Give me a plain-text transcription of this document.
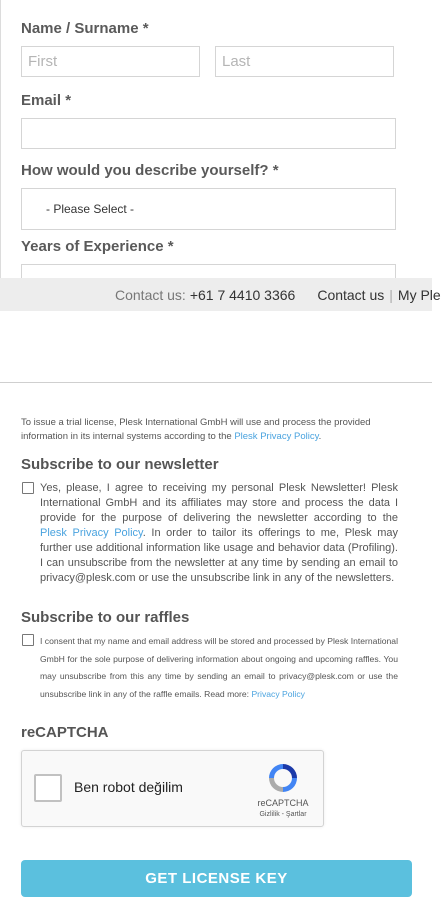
Name / Surname *
First	Last
Email *
How would you describe yourself? *
- Please Select -
Years of Experience *
Contact us: +61 7 4410 3366 Contact us | My Ple
To issue a trial license, Plesk International GmbH will use and process the provided information in its internal systems according to the Plesk Privacy Policy.
Subscribe to our newsletter
Yes, please, I agree to receiving my personal Plesk Newsletter! Plesk International GmbH and its affiliates may store and process the data I provide for the purpose of delivering the newsletter according to the Plesk Privacy Policy. In order to tailor its offerings to me, Plesk may further use additional information like usage and behavior data (Profiling). I can unsubscribe from the newsletter at any time by sending an email to privacy@plesk.com or use the unsubscribe link in any of the newsletters.
Subscribe to our raffles
I consent that my name and email address will be stored and processed by Plesk International GmbH for the sole purpose of delivering information about ongoing and upcoming raffles. You may unsubscribe from this any time by sending an email to privacy@plesk.com or use the unsubscribe link in any of the raffle emails. Read more: Privacy Policy
reCAPTCHA
Ben robot değilim
reCAPTCHA
Gizlilik - Şartlar
GET LICENSE KEY
